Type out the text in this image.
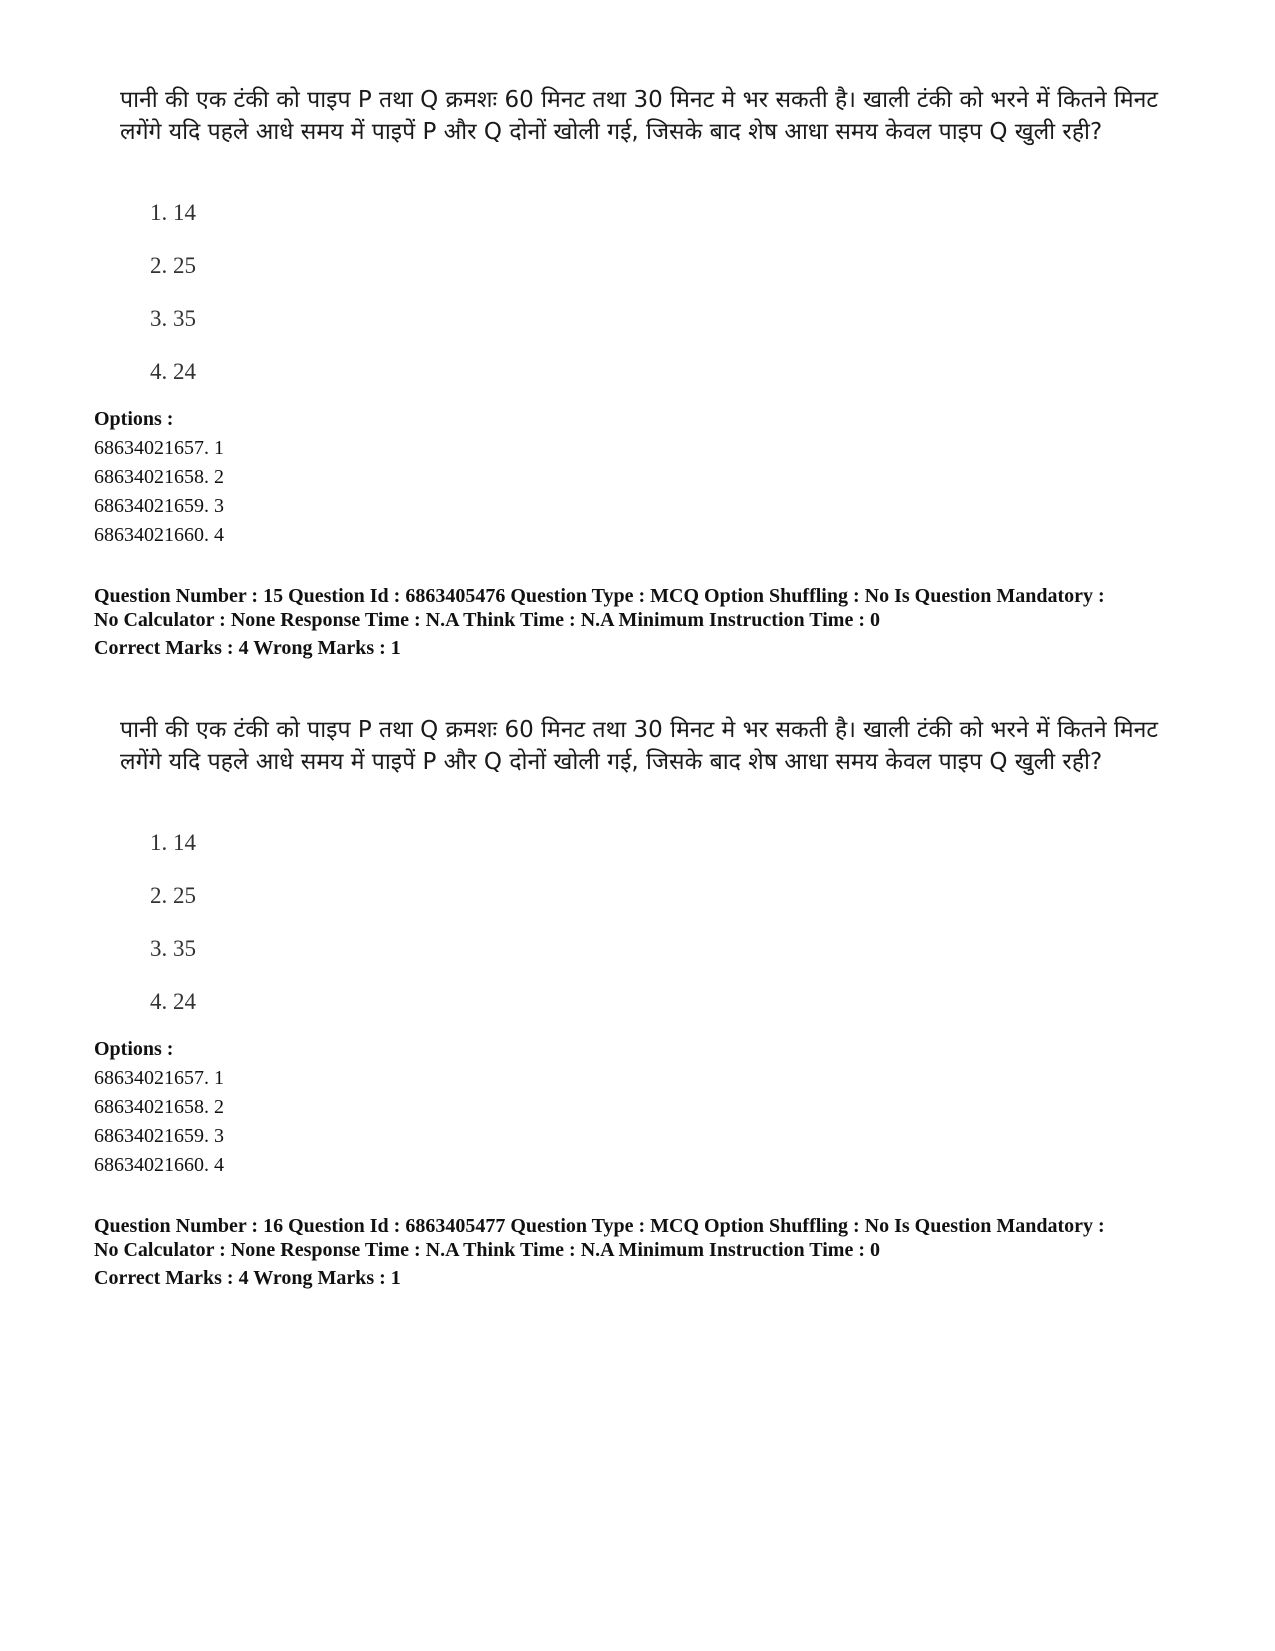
पानी की एक टंकी को पाइप P तथा Q क्रमशः 60 मिनट तथा 30 मिनट मे भर सकती है। खाली टंकी को भरने में कितने मिनट लगेंगे यदि पहले आधे समय में पाइपें P और Q दोनों खोली गई, जिसके बाद शेष आधा समय केवल पाइप Q खुली रही?

1. 14

2. 25

3. 35

4. 24

Options :

68634021657. 1

68634021658. 2

68634021659. 3

68634021660. 4

Question Number : 15 Question Id : 6863405476 Question Type : MCQ Option Shuffling : No Is Question Mandatory :

No Calculator : None Response Time : N.A Think Time : N.A Minimum Instruction Time : 0

Correct Marks : 4 Wrong Marks : 1

पानी की एक टंकी को पाइप P तथा Q क्रमशः 60 मिनट तथा 30 मिनट मे भर सकती है। खाली टंकी को भरने में कितने मिनट लगेंगे यदि पहले आधे समय में पाइपें P और Q दोनों खोली गई, जिसके बाद शेष आधा समय केवल पाइप Q खुली रही?

1. 14

2. 25

3. 35

4. 24

Options :

68634021657. 1

68634021658. 2

68634021659. 3

68634021660. 4

Question Number : 16 Question Id : 6863405477 Question Type : MCQ Option Shuffling : No Is Question Mandatory :

No Calculator : None Response Time : N.A Think Time : N.A Minimum Instruction Time : 0

Correct Marks : 4 Wrong Marks : 1
